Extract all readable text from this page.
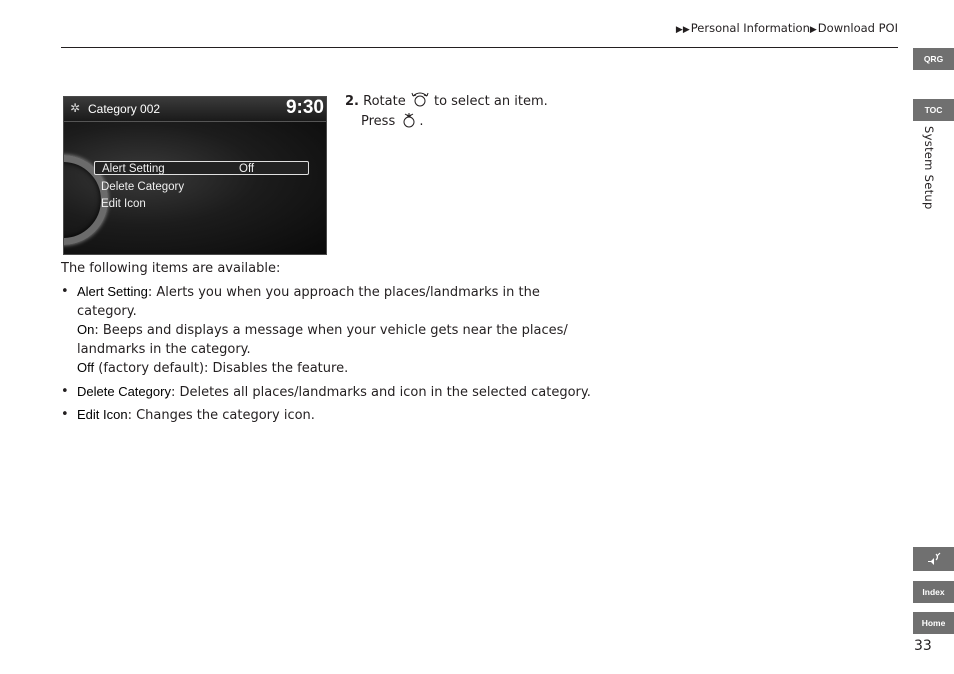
▶▶Personal Information▶Download POI
QRG
TOC
System Setup
Index
Home
33
✲ Category 002	9:30
Alert Setting	Off
Delete Category
Edit Icon
2. Rotate to select an item.
Press .
The following items are available:
• Alert Setting: Alerts you when you approach the places/landmarks in the category.
On: Beeps and displays a message when your vehicle gets near the places/ landmarks in the category.
Off (factory default): Disables the feature.
• Delete Category: Deletes all places/landmarks and icon in the selected category.
• Edit Icon: Changes the category icon.
